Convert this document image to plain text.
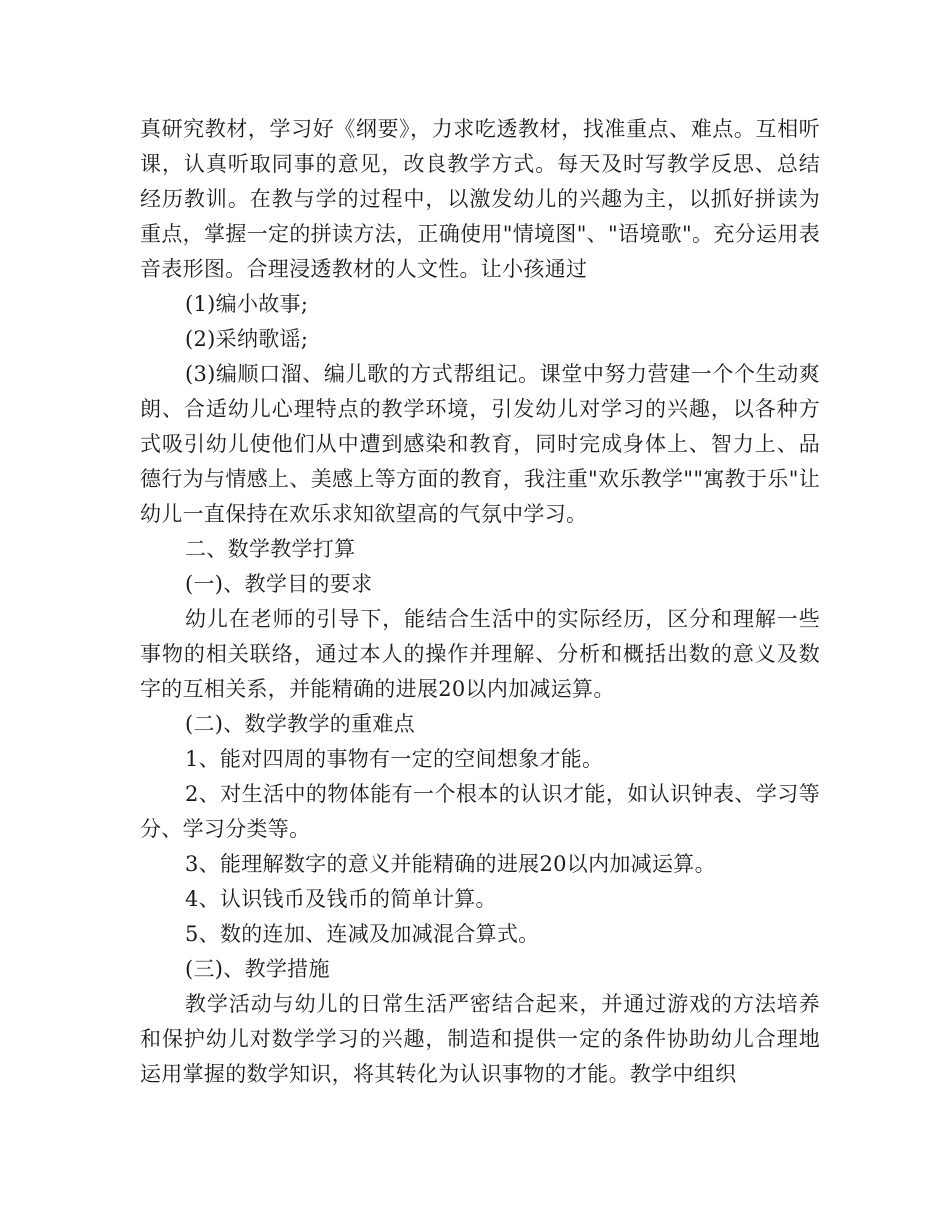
真研究教材，学习好《纲要》，力求吃透教材，找准重点、难点。互相听课，认真听取同事的意见，改良教学方式。每天及时写教学反思、总结经历教训。在教与学的过程中，以激发幼儿的兴趣为主，以抓好拼读为重点，掌握一定的拼读方法，正确使用"情境图"、"语境歌"。充分运用表音表形图。合理浸透教材的人文性。让小孩通过

(1)编小故事;

(2)采纳歌谣;

(3)编顺口溜、编儿歌的方式帮组记。课堂中努力营建一个个生动爽朗、合适幼儿心理特点的教学环境，引发幼儿对学习的兴趣，以各种方式吸引幼儿使他们从中遭到感染和教育，同时完成身体上、智力上、品德行为与情感上、美感上等方面的教育，我注重"欢乐教学""寓教于乐"让幼儿一直保持在欢乐求知欲望高的气氛中学习。

二、数学教学打算

(一)、教学目的要求

幼儿在老师的引导下，能结合生活中的实际经历，区分和理解一些事物的相关联络，通过本人的操作并理解、分析和概括出数的意义及数字的互相关系，并能精确的进展20以内加减运算。

(二)、数学教学的重难点

1、能对四周的事物有一定的空间想象才能。

2、对生活中的物体能有一个根本的认识才能，如认识钟表、学习等分、学习分类等。

3、能理解数字的意义并能精确的进展20以内加减运算。

4、认识钱币及钱币的简单计算。

5、数的连加、连减及加减混合算式。

(三)、教学措施

教学活动与幼儿的日常生活严密结合起来，并通过游戏的方法培养和保护幼儿对数学学习的兴趣，制造和提供一定的条件协助幼儿合理地运用掌握的数学知识，将其转化为认识事物的才能。教学中组织
